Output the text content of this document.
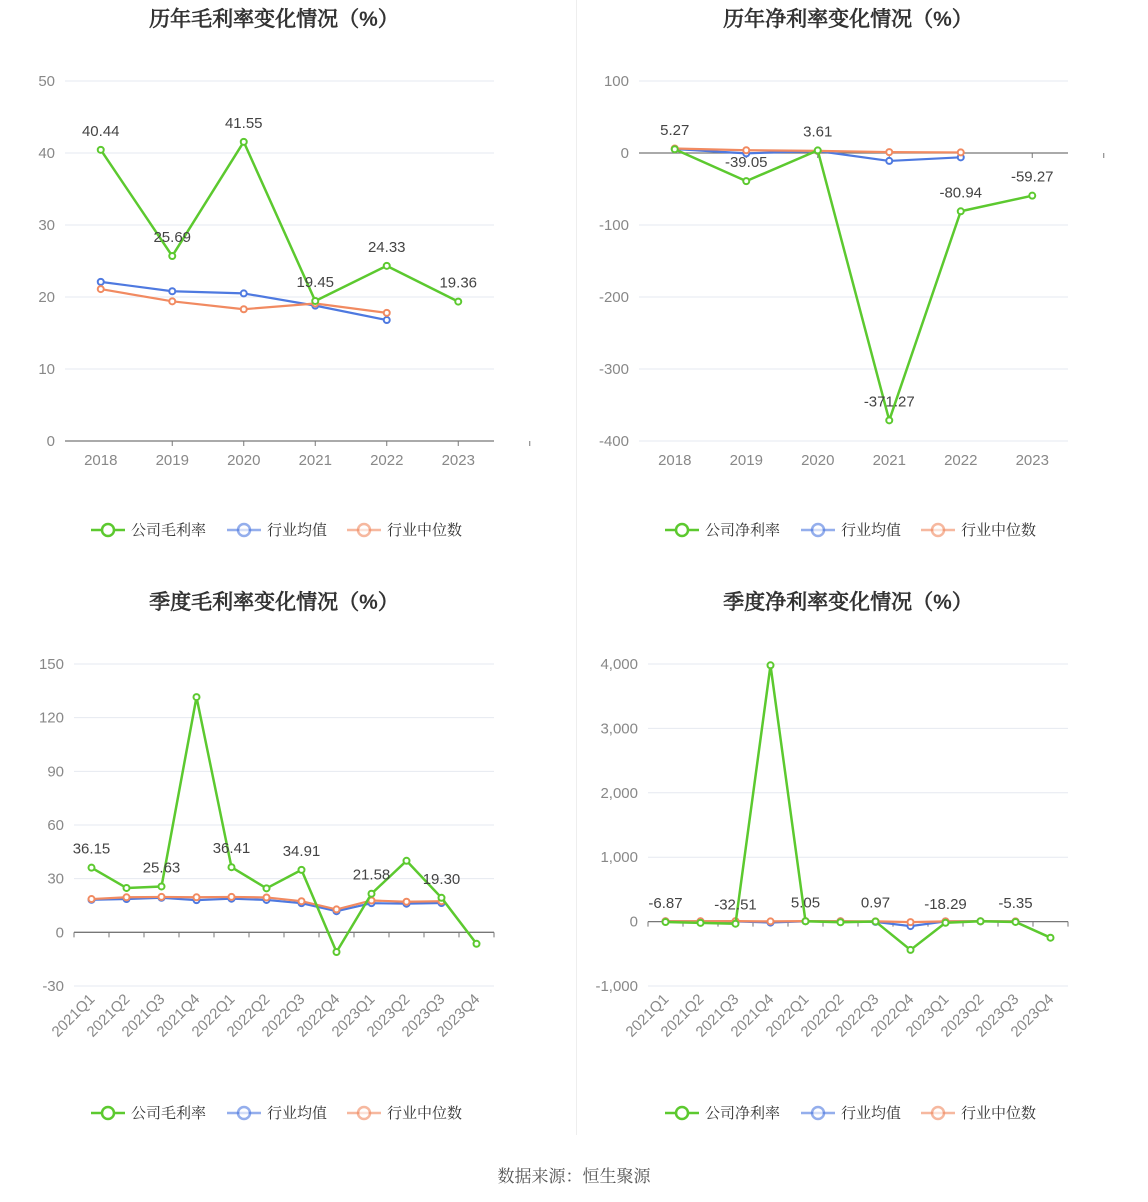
历年毛利率变化情况（%）
0
10
20
30
40
50
2018	2019	2020	2021	2022	2023
40.44
25.69
41.55
19.45
24.33
19.36
公司毛利率	行业均值	行业中位数
历年净利率变化情况（%）
-400
-300
-200
-100
0
100
2018	2019	2020	2021	2022	2023
5.27
-39.05
3.61
-371.27
-80.94
-59.27
公司净利率	行业均值	行业中位数
季度毛利率变化情况（%）
-30
0
30
60
90
120
150
2021Q1
2021Q2
2021Q3
2021Q4
2022Q1
2022Q2
2022Q3
2022Q4
2023Q1
2023Q2
2023Q3
2023Q4
36.15
25.63
36.41 34.91
21.58 19.30
公司毛利率	行业均值	行业中位数
季度净利率变化情况（%）
-1,000
0
1,000
2,000
3,000
4,000
2021Q1
2021Q2
2021Q3
2021Q4
2022Q1
2022Q2
2022Q3
2022Q4
2023Q1
2023Q2
2023Q3
2023Q4
-6.87 -32.51 5.05	0.97 -18.29 -5.35
公司净利率	行业均值	行业中位数
数据来源：恒生聚源
